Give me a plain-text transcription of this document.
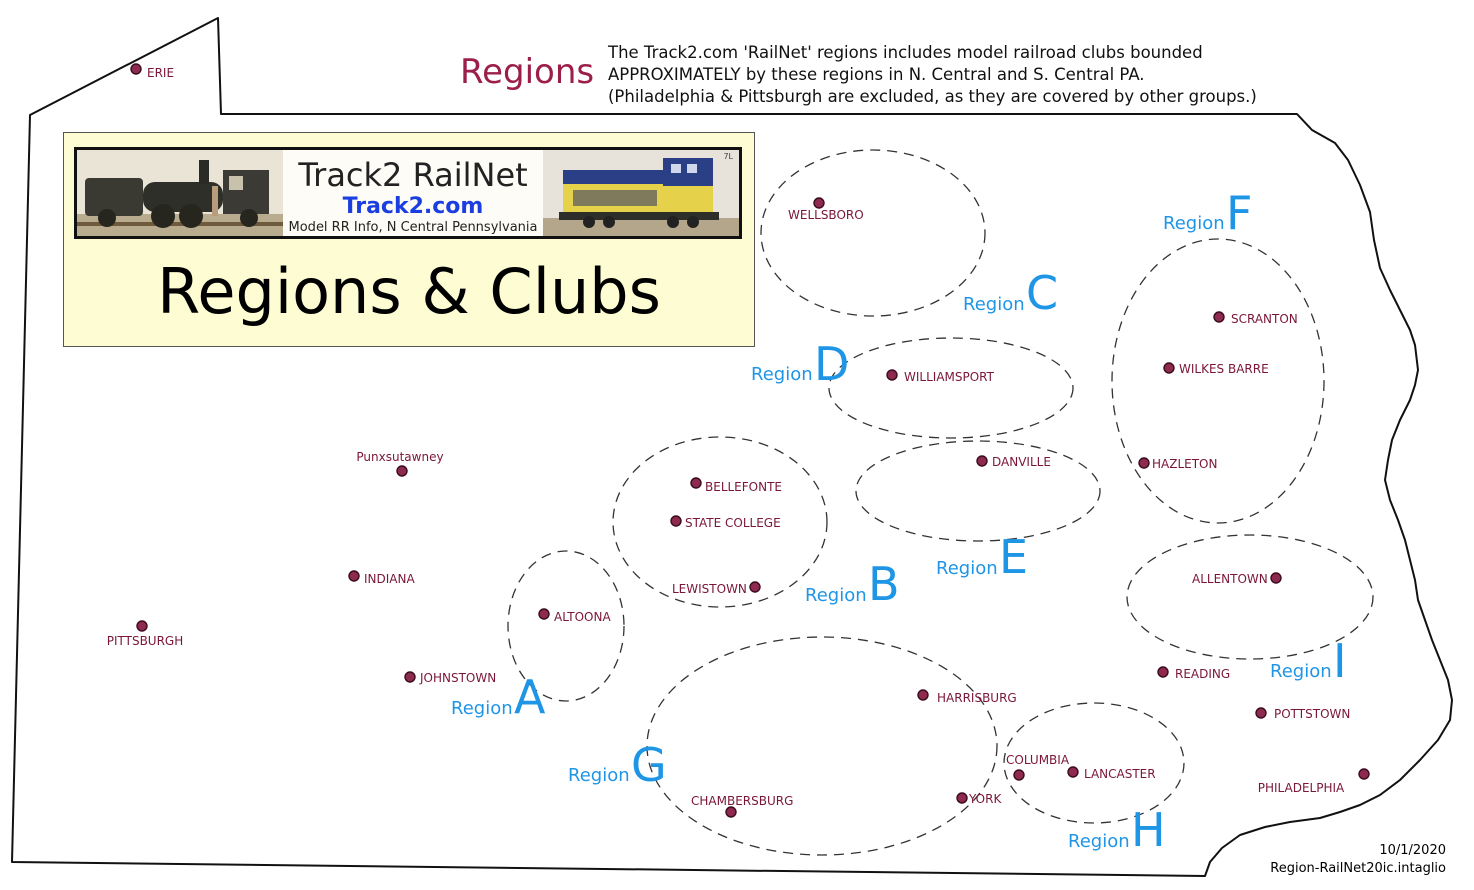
Region A
Region B
Region C
Region D
Region E
Region F
Region G
Region H
Region I
ERIE
WELLSBORO
SCRANTON
WILKES BARRE
WILLIAMSPORT
HAZLETON
DANVILLE
Punxsutawney
BELLEFONTE
STATE COLLEGE
LEWISTOWN
INDIANA
ALTOONA
ALLENTOWN
PITTSBURGH
JOHNSTOWN	READING
HARRISBURG
POTTSTOWN
COLUMBIA
LANCASTER
YORK
CHAMBERSBURG
PHILADELPHIA
Regions The Track2.com 'RailNet' regions includes model railroad clubs bounded
APPROXIMATELY by these regions in N. Central and S. Central PA.
(Philadelphia & Pittsburgh are excluded, as they are covered by other groups.)
Track2 RailNet
Track2.com
Model RR Info, N Central Pennsylvania
7L
Regions & Clubs
10/1/2020
Region-RailNet20ic.intaglio
